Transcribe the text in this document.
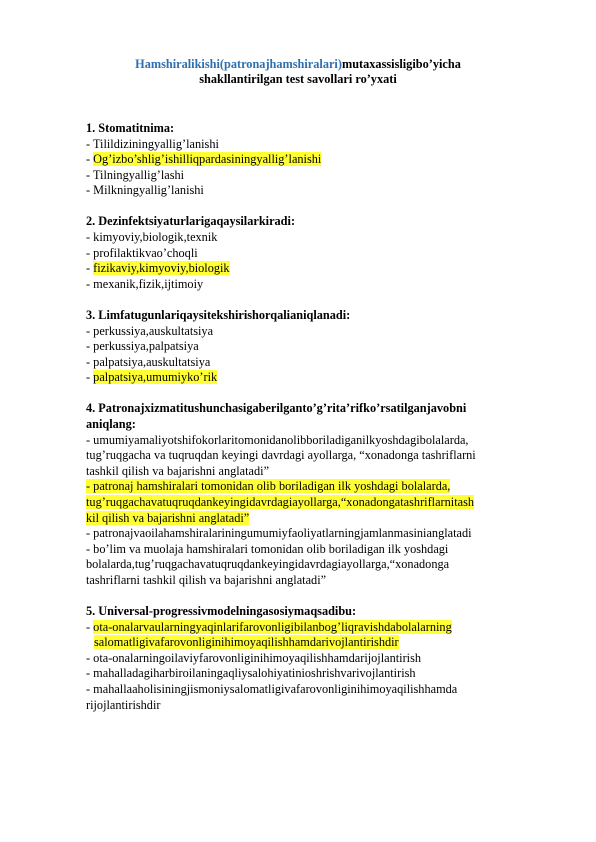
Hamshiralikishi(patronajhamshiralari)mutaxassisligibo’yicha
shakllantirilgan test savollari ro’yxati
1. Stomatitnima:
- Tilildiziningyallig’lanishi
- Og’izbo’shlig’ishilliqpardasiningyallig’lanishi
- Tilningyallig’lashi
- Milkningyallig’lanishi
2. Dezinfektsiyaturlarigaqaysilarkiradi:
- kimyoviy,biologik,texnik
- profilaktikvao’choqli
- fizikaviy,kimyoviy,biologik
- mexanik,fizik,ijtimoiy
3. Limfatugunlariqaysitekshirishorqalianiqlanadi:
- perkussiya,auskultatsiya
- perkussiya,palpatsiya
- palpatsiya,auskultatsiya
- palpatsiya,umumiyko’rik
4. Patronajxizmatitushunchasigaberilganto’g’rita’rifko’rsatilganjavobni
aniqlang:
- umumiyamaliyotshifokorlaritomonidanolibboriladiganilkyoshdagibolalarda,
tug’ruqgacha va tuqruqdan keyingi davrdagi ayollarga, “xonadonga tashriflarni
tashkil qilish va bajarishni anglatadi”
- patronaj hamshiralari tomonidan olib boriladigan ilk yoshdagi bolalarda,
tug’ruqgachavatuqruqdankeyingidavrdagiayollarga,“xonadongatashriflarnitash
kil qilish va bajarishni anglatadi”
- patronajvaoilahamshiralariningumumiyfaoliyatlarningjamlanmasinianglatadi
- bo’lim va muolaja hamshiralari tomonidan olib boriladigan ilk yoshdagi
bolalarda,tug’ruqgachavatuqruqdankeyingidavrdagiayollarga,“xonadonga
tashriflarni tashkil qilish va bajarishni anglatadi”
5. Universal-progressivmodelningasosiymaqsadibu:
- ota-onalarvaularningyaqinlarifarovonligibilanbog’liqravishdabolalarning
salomatligivafarovonliginihimoyaqilishhamdarivojlantirishdir
- ota-onalarningoilaviyfarovonliginihimoyaqilishhamdarijojlantirish
- mahalladagiharbiroilaningaqliysalohiyatinioshrishvarivojlantirish
- mahallaaholisiningjismoniysalomatligivafarovonliginihimoyaqilishhamda
rijojlantirishdir
